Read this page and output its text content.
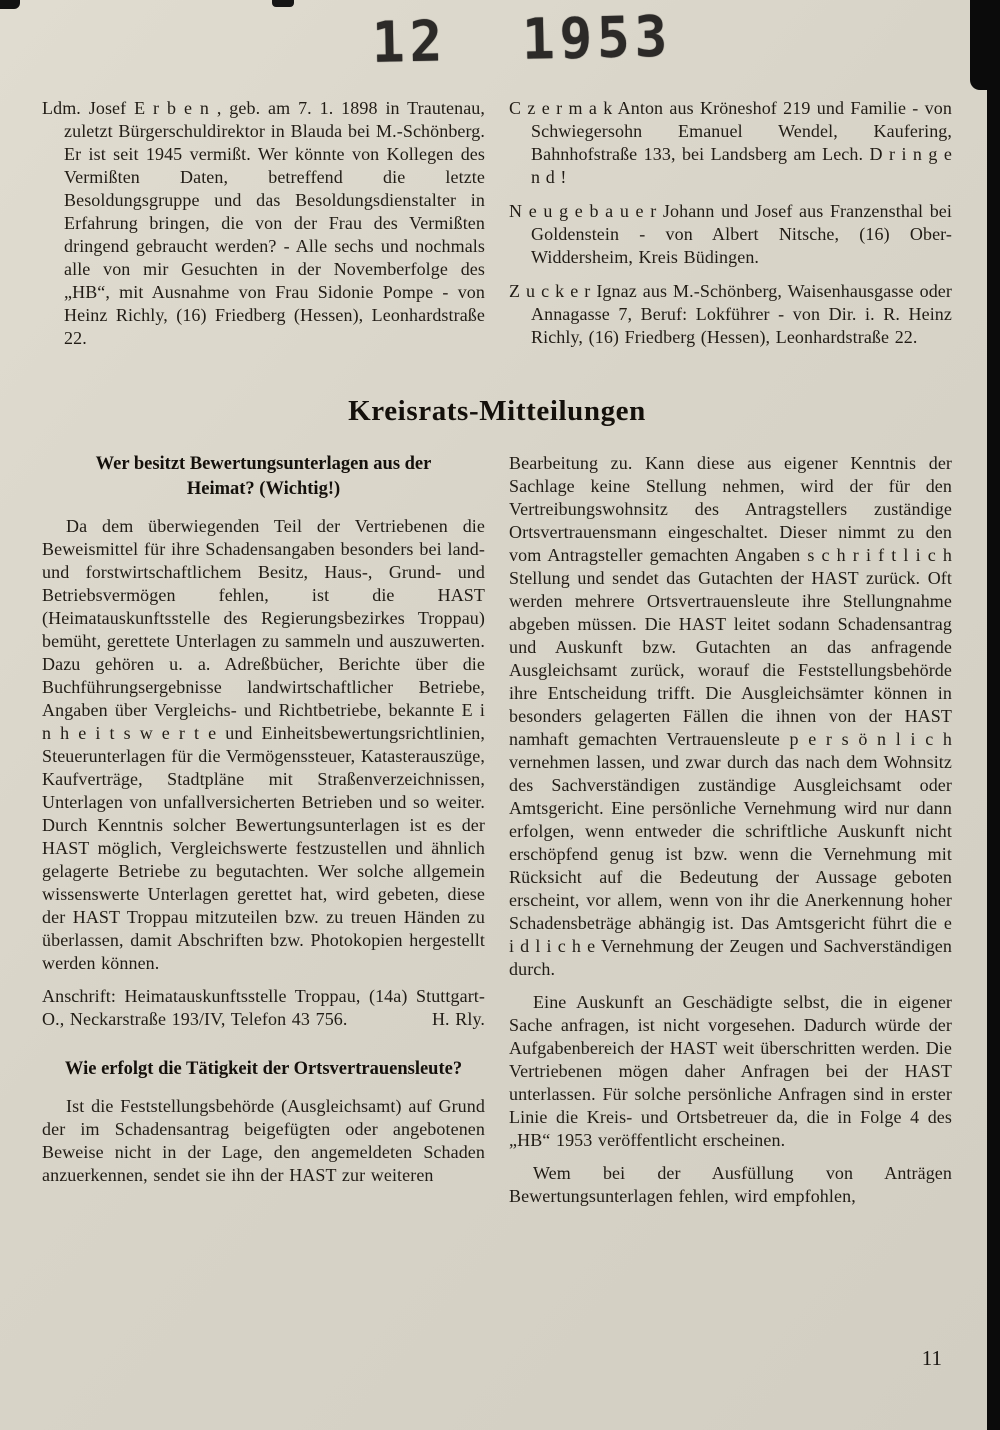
12  1953

Ldm. Josef E r b e n , geb. am 7. 1. 1898 in Trautenau, zuletzt Bürgerschuldirektor in Blauda bei M.-Schönberg. Er ist seit 1945 vermißt. Wer könnte von Kollegen des Vermißten Daten, betreffend die letzte Besoldungsgruppe und das Besoldungsdienstalter in Erfahrung bringen, die von der Frau des Vermißten dringend gebraucht werden? - Alle sechs und nochmals alle von mir Gesuchten in der Novemberfolge des „HB“, mit Ausnahme von Frau Sidonie Pompe - von Heinz Richly, (16) Friedberg (Hessen), Leonhardstraße 22.

C z e r m a k Anton aus Kröneshof 219 und Familie - von Schwiegersohn Emanuel Wendel, Kaufering, Bahnhofstraße 133, bei Landsberg am Lech. D r i n g e n d !

N e u g e b a u e r Johann und Josef aus Franzensthal bei Goldenstein - von Albert Nitsche, (16) Ober-Widdersheim, Kreis Büdingen.

Z u c k e r Ignaz aus M.-Schönberg, Waisenhausgasse oder Annagasse 7, Beruf: Lokführer - von Dir. i. R. Heinz Richly, (16) Friedberg (Hessen), Leonhardstraße 22.

Kreisrats-Mitteilungen
Wer besitzt Bewertungsunterlagen aus der Heimat? (Wichtig!)

Da dem überwiegenden Teil der Vertriebenen die Beweismittel für ihre Schadensangaben besonders bei land- und forstwirtschaftlichem Besitz, Haus-, Grund- und Betriebsvermögen fehlen, ist die HAST (Heimatauskunftsstelle des Regierungsbezirkes Troppau) bemüht, gerettete Unterlagen zu sammeln und auszuwerten. Dazu gehören u. a. Adreßbücher, Berichte über die Buchführungsergebnisse landwirtschaftlicher Betriebe, Angaben über Vergleichs- und Richtbetriebe, bekannte E i n h e i t s w e r t e und Einheitsbewertungsrichtlinien, Steuerunterlagen für die Vermögenssteuer, Katasterauszüge, Kaufverträge, Stadtpläne mit Straßenverzeichnissen, Unterlagen von unfallversicherten Betrieben und so weiter. Durch Kenntnis solcher Bewertungsunterlagen ist es der HAST möglich, Vergleichswerte festzustellen und ähnlich gelagerte Betriebe zu begutachten. Wer solche allgemein wissenswerte Unterlagen gerettet hat, wird gebeten, diese der HAST Troppau mitzuteilen bzw. zu treuen Händen zu überlassen, damit Abschriften bzw. Photokopien hergestellt werden können.

Anschrift: Heimatauskunftsstelle Troppau, (14a) Stuttgart-O., Neckarstraße 193/IV, Telefon 43 756.	H. Rly.

Wie erfolgt die Tätigkeit der Ortsvertrauensleute?

Ist die Feststellungsbehörde (Ausgleichsamt) auf Grund der im Schadensantrag beigefügten oder angebotenen Beweise nicht in der Lage, den angemeldeten Schaden anzuerkennen, sendet sie ihn der HAST zur weiteren

Bearbeitung zu. Kann diese aus eigener Kenntnis der Sachlage keine Stellung nehmen, wird der für den Vertreibungswohnsitz des Antragstellers zuständige Ortsvertrauensmann eingeschaltet. Dieser nimmt zu den vom Antragsteller gemachten Angaben s c h r i f t l i c h Stellung und sendet das Gutachten der HAST zurück. Oft werden mehrere Ortsvertrauensleute ihre Stellungnahme abgeben müssen. Die HAST leitet sodann Schadensantrag und Auskunft bzw. Gutachten an das anfragende Ausgleichsamt zurück, worauf die Feststellungsbehörde ihre Entscheidung trifft. Die Ausgleichsämter können in besonders gelagerten Fällen die ihnen von der HAST namhaft gemachten Vertrauensleute p e r s ö n l i c h vernehmen lassen, und zwar durch das nach dem Wohnsitz des Sachverständigen zuständige Ausgleichsamt oder Amtsgericht. Eine persönliche Vernehmung wird nur dann erfolgen, wenn entweder die schriftliche Auskunft nicht erschöpfend genug ist bzw. wenn die Vernehmung mit Rücksicht auf die Bedeutung der Aussage geboten erscheint, vor allem, wenn von ihr die Anerkennung hoher Schadensbeträge abhängig ist. Das Amtsgericht führt die e i d l i c h e Vernehmung der Zeugen und Sachverständigen durch.

Eine Auskunft an Geschädigte selbst, die in eigener Sache anfragen, ist nicht vorgesehen. Dadurch würde der Aufgabenbereich der HAST weit überschritten werden. Die Vertriebenen mögen daher Anfragen bei der HAST unterlassen. Für solche persönliche Anfragen sind in erster Linie die Kreis- und Ortsbetreuer da, die in Folge 4 des „HB“ 1953 veröffentlicht erscheinen.

Wem bei der Ausfüllung von Anträgen Bewertungsunterlagen fehlen, wird empfohlen,

11
